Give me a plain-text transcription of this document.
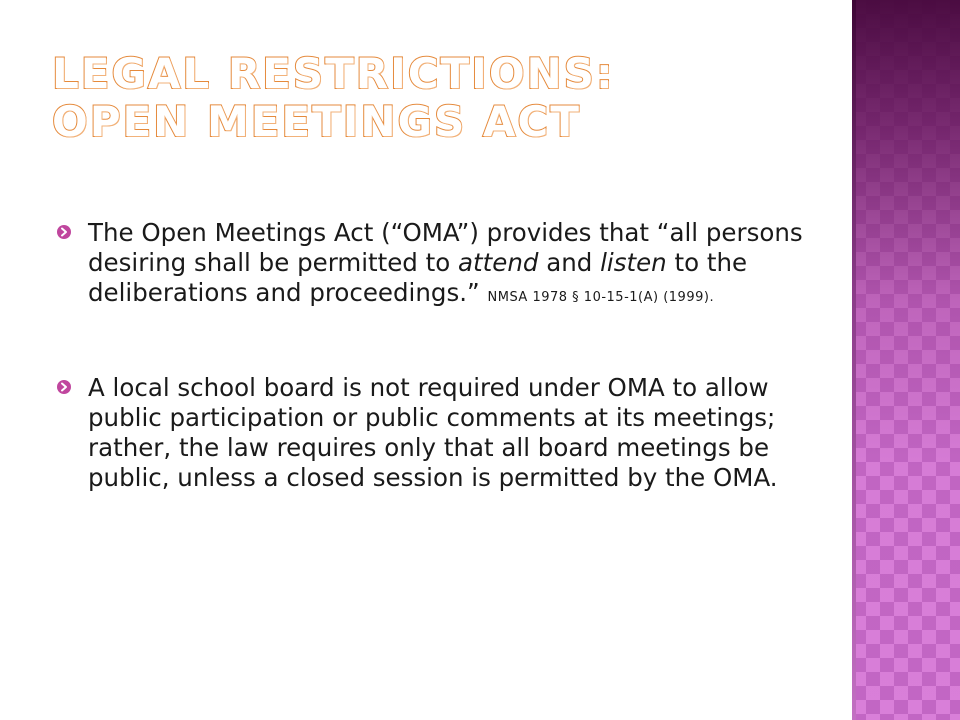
LEGAL RESTRICTIONS:
OPEN MEETINGS ACT
The Open Meetings Act (“OMA”) provides that “all persons desiring shall be permitted to attend and listen to the deliberations and proceedings.” NMSA 1978 § 10-15-1(A) (1999).
A local school board is not required under OMA to allow public participation or public comments at its meetings; rather, the law requires only that all board meetings be public, unless a closed session is permitted by the OMA.
